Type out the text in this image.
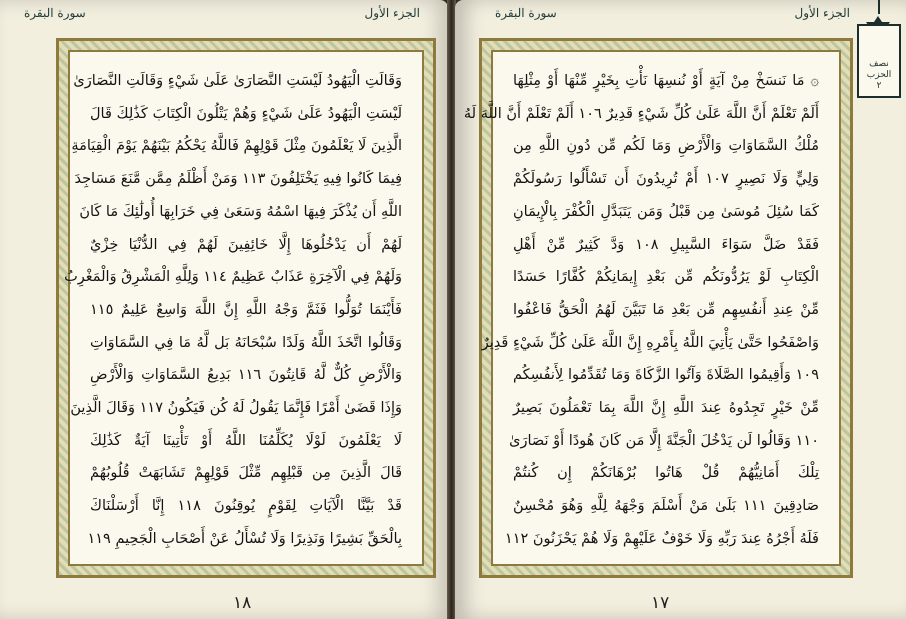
سورة البقرة	الجزء الأول
وَقَالَتِ الْيَهُودُ لَيْسَتِ النَّصَارَىٰ عَلَىٰ شَيْءٍ وَقَالَتِ النَّصَارَىٰ
لَيْسَتِ الْيَهُودُ عَلَىٰ شَيْءٍ وَهُمْ يَتْلُونَ الْكِتَابَ كَذَٰلِكَ قَالَ
الَّذِينَ لَا يَعْلَمُونَ مِثْلَ قَوْلِهِمْ فَاللَّهُ يَحْكُمُ بَيْنَهُمْ يَوْمَ الْقِيَامَةِ
فِيمَا كَانُوا فِيهِ يَخْتَلِفُونَ ١١٣ وَمَنْ أَظْلَمُ مِمَّن مَّنَعَ مَسَاجِدَ
اللَّهِ أَن يُذْكَرَ فِيهَا اسْمُهُ وَسَعَىٰ فِي خَرَابِهَا أُولَٰئِكَ مَا كَانَ
لَهُمْ أَن يَدْخُلُوهَا إِلَّا خَائِفِينَ لَهُمْ فِي الدُّنْيَا خِزْيٌ
وَلَهُمْ فِي الْآخِرَةِ عَذَابٌ عَظِيمٌ ١١٤ وَلِلَّهِ الْمَشْرِقُ وَالْمَغْرِبُ
فَأَيْنَمَا تُوَلُّوا فَثَمَّ وَجْهُ اللَّهِ إِنَّ اللَّهَ وَاسِعٌ عَلِيمٌ ١١٥
وَقَالُوا اتَّخَذَ اللَّهُ وَلَدًا سُبْحَانَهُ بَل لَّهُ مَا فِي السَّمَاوَاتِ
وَالْأَرْضِ كُلٌّ لَّهُ قَانِتُونَ ١١٦ بَدِيعُ السَّمَاوَاتِ وَالْأَرْضِ
وَإِذَا قَضَىٰ أَمْرًا فَإِنَّمَا يَقُولُ لَهُ كُن فَيَكُونُ ١١٧ وَقَالَ الَّذِينَ
لَا يَعْلَمُونَ لَوْلَا يُكَلِّمُنَا اللَّهُ أَوْ تَأْتِينَا آيَةٌ كَذَٰلِكَ
قَالَ الَّذِينَ مِن قَبْلِهِم مِّثْلَ قَوْلِهِمْ تَشَابَهَتْ قُلُوبُهُمْ
قَدْ بَيَّنَّا الْآيَاتِ لِقَوْمٍ يُوقِنُونَ ١١٨ إِنَّا أَرْسَلْنَاكَ
بِالْحَقِّ بَشِيرًا وَنَذِيرًا وَلَا تُسْأَلُ عَنْ أَصْحَابِ الْجَحِيمِ ١١٩
١٨
سورة البقرة	الجزء الأول
۞ مَا نَنسَخْ مِنْ آيَةٍ أَوْ نُنسِهَا نَأْتِ بِخَيْرٍ مِّنْهَا أَوْ مِثْلِهَا
أَلَمْ تَعْلَمْ أَنَّ اللَّهَ عَلَىٰ كُلِّ شَيْءٍ قَدِيرٌ ١٠٦ أَلَمْ تَعْلَمْ أَنَّ اللَّهَ لَهُ
مُلْكُ السَّمَاوَاتِ وَالْأَرْضِ وَمَا لَكُم مِّن دُونِ اللَّهِ مِن
وَلِيٍّ وَلَا نَصِيرٍ ١٠٧ أَمْ تُرِيدُونَ أَن تَسْأَلُوا رَسُولَكُمْ
كَمَا سُئِلَ مُوسَىٰ مِن قَبْلُ وَمَن يَتَبَدَّلِ الْكُفْرَ بِالْإِيمَانِ
فَقَدْ ضَلَّ سَوَاءَ السَّبِيلِ ١٠٨ وَدَّ كَثِيرٌ مِّنْ أَهْلِ
الْكِتَابِ لَوْ يَرُدُّونَكُم مِّن بَعْدِ إِيمَانِكُمْ كُفَّارًا حَسَدًا
مِّنْ عِندِ أَنفُسِهِم مِّن بَعْدِ مَا تَبَيَّنَ لَهُمُ الْحَقُّ فَاعْفُوا
وَاصْفَحُوا حَتَّىٰ يَأْتِيَ اللَّهُ بِأَمْرِهِ إِنَّ اللَّهَ عَلَىٰ كُلِّ شَيْءٍ قَدِيرٌ
١٠٩ وَأَقِيمُوا الصَّلَاةَ وَآتُوا الزَّكَاةَ وَمَا تُقَدِّمُوا لِأَنفُسِكُم
مِّنْ خَيْرٍ تَجِدُوهُ عِندَ اللَّهِ إِنَّ اللَّهَ بِمَا تَعْمَلُونَ بَصِيرٌ
١١٠ وَقَالُوا لَن يَدْخُلَ الْجَنَّةَ إِلَّا مَن كَانَ هُودًا أَوْ نَصَارَىٰ
تِلْكَ أَمَانِيُّهُمْ قُلْ هَاتُوا بُرْهَانَكُمْ إِن كُنتُمْ
صَادِقِينَ ١١١ بَلَىٰ مَنْ أَسْلَمَ وَجْهَهُ لِلَّهِ وَهُوَ مُحْسِنٌ
فَلَهُ أَجْرُهُ عِندَ رَبِّهِ وَلَا خَوْفٌ عَلَيْهِمْ وَلَا هُمْ يَحْزَنُونَ ١١٢
١٧
نصف الحزب
٢
